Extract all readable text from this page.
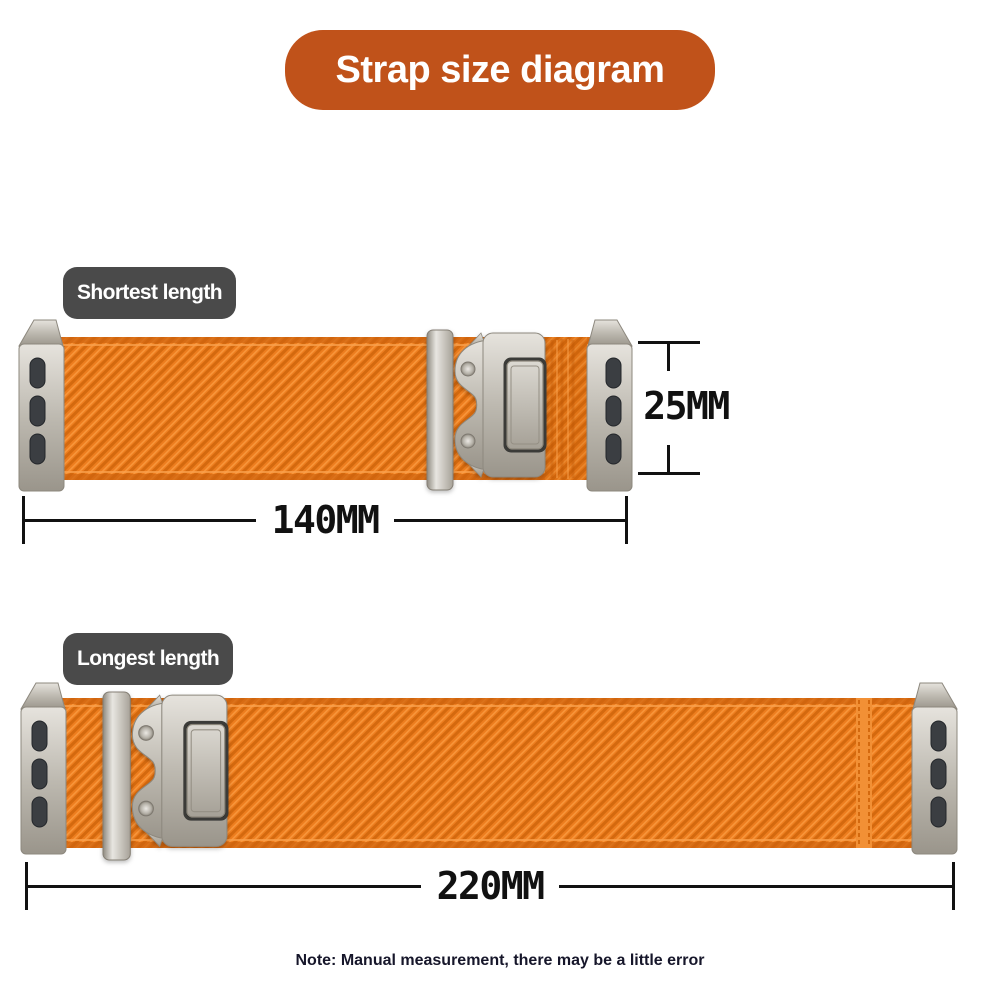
Strap size diagram
Shortest length
25MM
140MM
Longest length
220MM
Note: Manual measurement, there may be a little error
